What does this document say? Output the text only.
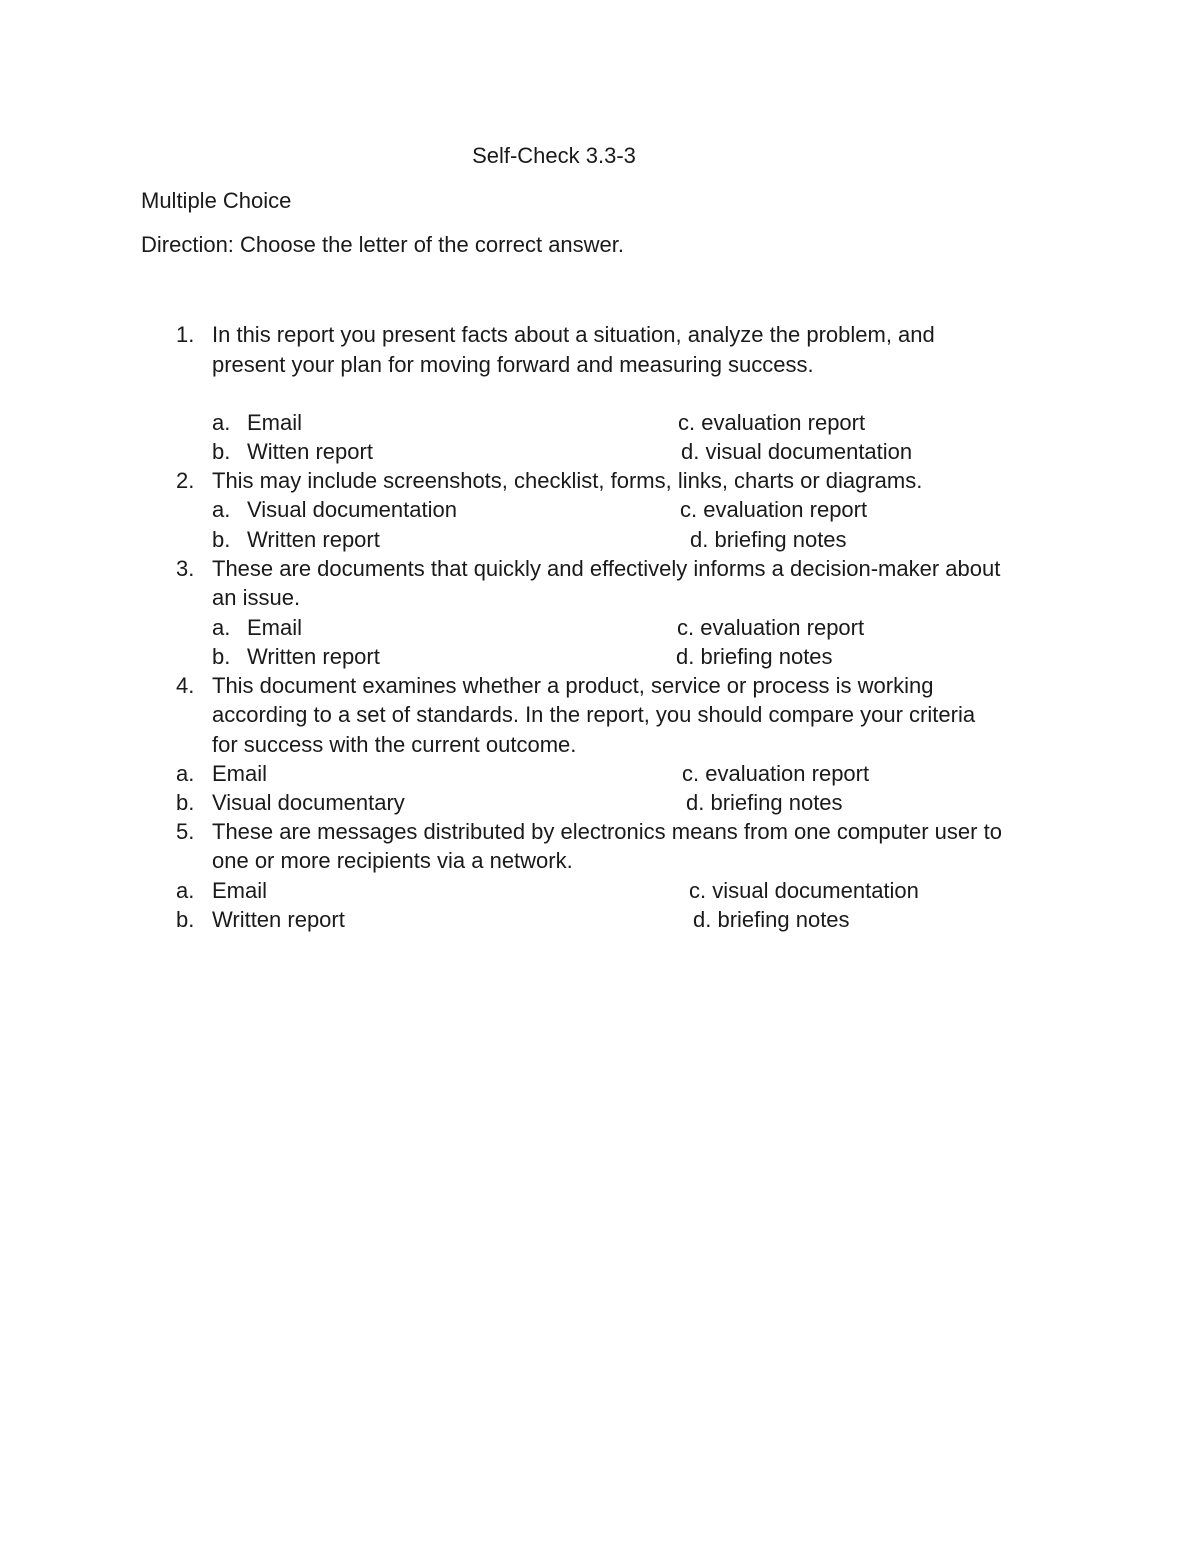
Self-Check 3.3-3
Multiple Choice
Direction: Choose the letter of the correct answer.
1. In this report you present facts about a situation, analyze the problem, and
present your plan for moving forward and measuring success.
a. Email	c. evaluation report
b. Witten report	d. visual documentation
2. This may include screenshots, checklist, forms, links, charts or diagrams.
a. Visual documentation	c. evaluation report
b. Written report	d. briefing notes
3. These are documents that quickly and effectively informs a decision-maker about
an issue.
a. Email	c. evaluation report
b. Written report	d. briefing notes
4. This document examines whether a product, service or process is working
according to a set of standards. In the report, you should compare your criteria
for success with the current outcome.
a. Email	c. evaluation report
b. Visual documentary	d. briefing notes
5. These are messages distributed by electronics means from one computer user to
one or more recipients via a network.
a. Email	c. visual documentation
b. Written report	d. briefing notes
